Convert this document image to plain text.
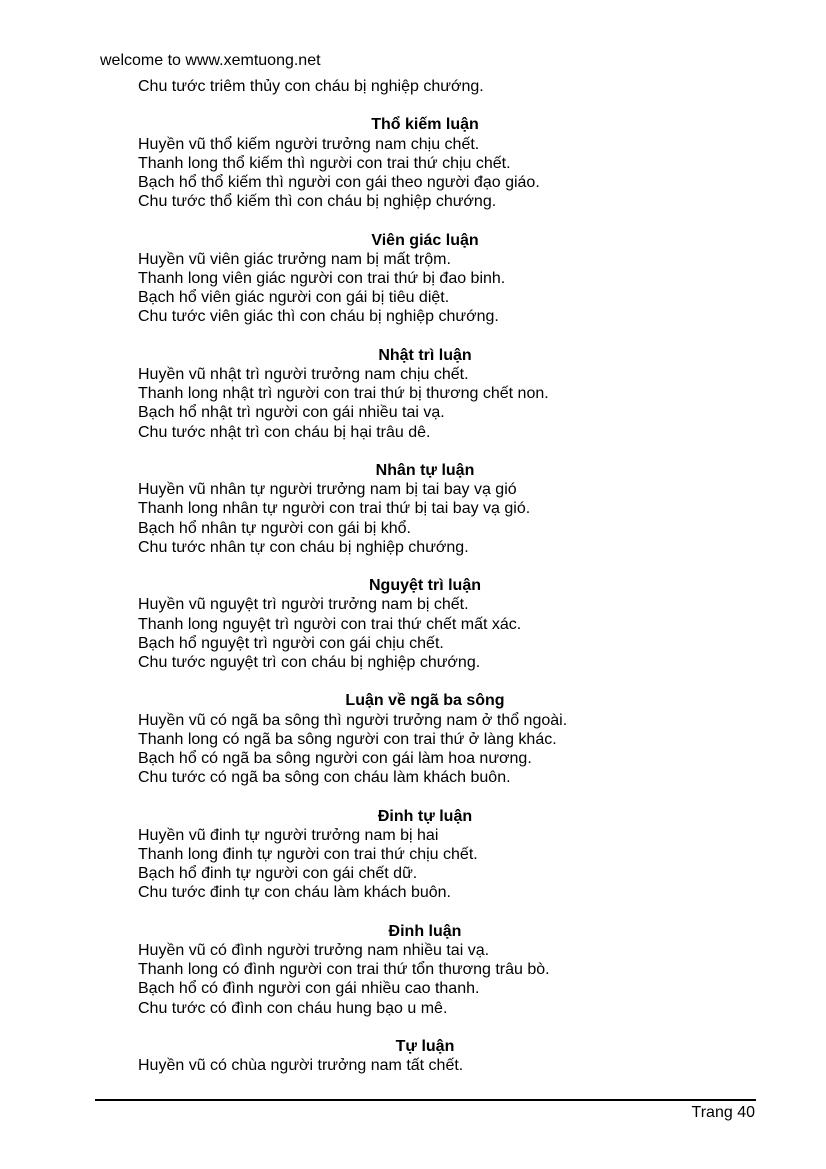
welcome to www.xemtuong.net
Chu tước triêm thủy con cháu bị nghiệp chướng.
Thổ kiếm luận
Huyền vũ thổ kiếm người trưởng nam chịu chết.
Thanh long thổ kiếm thì người con trai thứ chịu chết.
Bạch hổ thổ kiếm thì người con gái theo người đạo giáo.
Chu tước thổ kiếm thì con cháu bị nghiệp chướng.
Viên giác luận
Huyền vũ viên giác trưởng nam bị mất trộm.
Thanh long viên giác người con trai thứ bị đao binh.
Bạch hổ viên giác người con gái bị tiêu diệt.
Chu tước viên giác thì con cháu bị nghiệp chướng.
Nhật trì luận
Huyền vũ nhật trì người trưởng nam chịu chết.
Thanh long nhật trì người con trai thứ bị thương chết non.
Bạch hổ nhật trì người con gái nhiều tai vạ.
Chu tước nhật trì con cháu bị hại trâu dê.
Nhân tự luận
Huyền vũ nhân tự người trưởng nam bị tai bay vạ gió
Thanh long nhân tự người con trai thứ bị tai bay vạ gió.
Bạch hổ nhân tự người con gái bị khổ.
Chu tước nhân tự con cháu bị nghiệp chướng.
Nguyệt trì luận
Huyền vũ nguyệt trì người trưởng nam bị chết.
Thanh long nguyệt trì người con trai thứ chết mất xác.
Bạch hổ nguyệt trì người con gái chịu chết.
Chu tước nguyệt trì con cháu bị nghiệp chướng.
Luận về ngã ba sông
Huyền vũ có ngã ba sông thì người trưởng nam ở thổ ngoài.
Thanh long có ngã ba sông người con trai thứ ở làng khác.
Bạch hổ có ngã ba sông người con gái làm hoa nương.
Chu tước có ngã ba sông con cháu làm khách buôn.
Đinh tự luận
Huyền vũ đinh tự người trưởng nam bị hai
Thanh long đinh tự người con trai thứ chịu chết.
Bạch hổ đinh tự người con gái chết dữ.
Chu tước đinh tự con cháu làm khách buôn.
Đinh luận
Huyền vũ có đình người trưởng nam nhiều tai vạ.
Thanh long có đình người con trai thứ tổn thương trâu bò.
Bạch hổ có đình người con gái nhiều cao thanh.
Chu tước có đình con cháu hung bạo u mê.
Tự luận
Huyền vũ có chùa người trưởng nam tất chết.
Trang 40
